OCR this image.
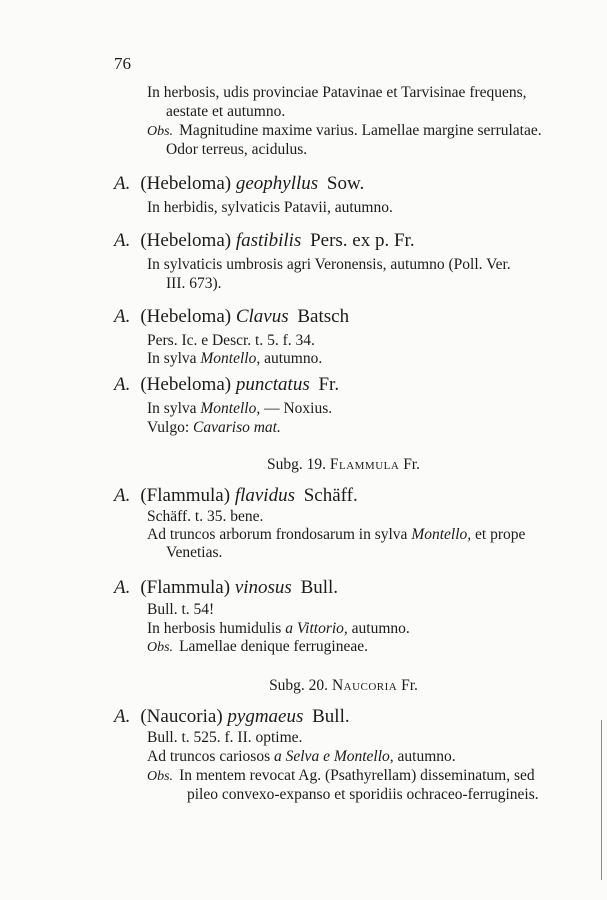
76
In herbosis, udis provinciae Patavinae et Tarvisinae frequens,
aestate et autumno.
Obs. Magnitudine maxime varius. Lamellae margine serrulatae.
Odor terreus, acidulus.
A. (Hebeloma) geophyllus Sow.
In herbidis, sylvaticis Patavii, autumno.
A. (Hebeloma) fastibilis Pers. ex p. Fr.
In sylvaticis umbrosis agri Veronensis, autumno (Poll. Ver.
III. 673).
A. (Hebeloma) Clavus Batsch
Pers. Ic. e Descr. t. 5. f. 34.
In sylva Montello, autumno.
A. (Hebeloma) punctatus Fr.
In sylva Montello, — Noxius.
Vulgo: Cavariso mat.
Subg. 19. Flammula Fr.
A. (Flammula) flavidus Schäff.
Schäff. t. 35. bene.
Ad truncos arborum frondosarum in sylva Montello, et prope
Venetias.
A. (Flammula) vinosus Bull.
Bull. t. 54!
In herbosis humidulis a Vittorio, autumno.
Obs. Lamellae denique ferrugineae.
Subg. 20. Naucoria Fr.
A. (Naucoria) pygmaeus Bull.
Bull. t. 525. f. II. optime.
Ad truncos cariosos a Selva e Montello, autumno.
Obs. In mentem revocat Ag. (Psathyrellam) disseminatum, sed
pileo convexo-expanso et sporidiis ochraceo-ferrugineis.
